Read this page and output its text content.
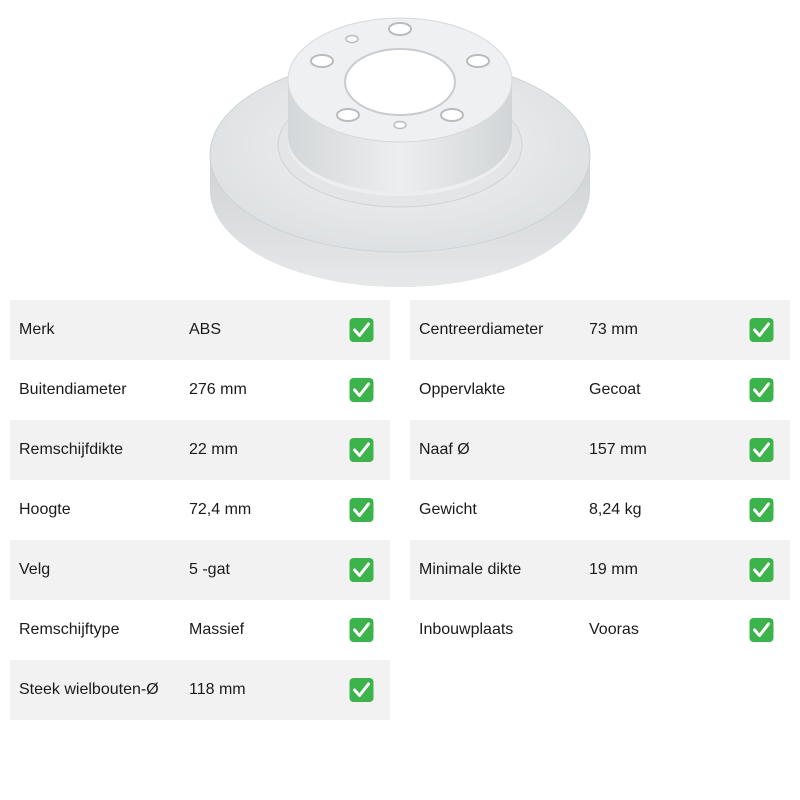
Merk	ABS
Buitendiameter	276 mm
Remschijfdikte	22 mm
Hoogte	72,4 mm
Velg	5 -gat
Remschijftype	Massief
Steek wielbouten-Ø 118 mm
Centreerdiameter	73 mm
Oppervlakte	Gecoat
Naaf Ø	157 mm
Gewicht	8,24 kg
Minimale dikte	19 mm
Inbouwplaats	Vooras
